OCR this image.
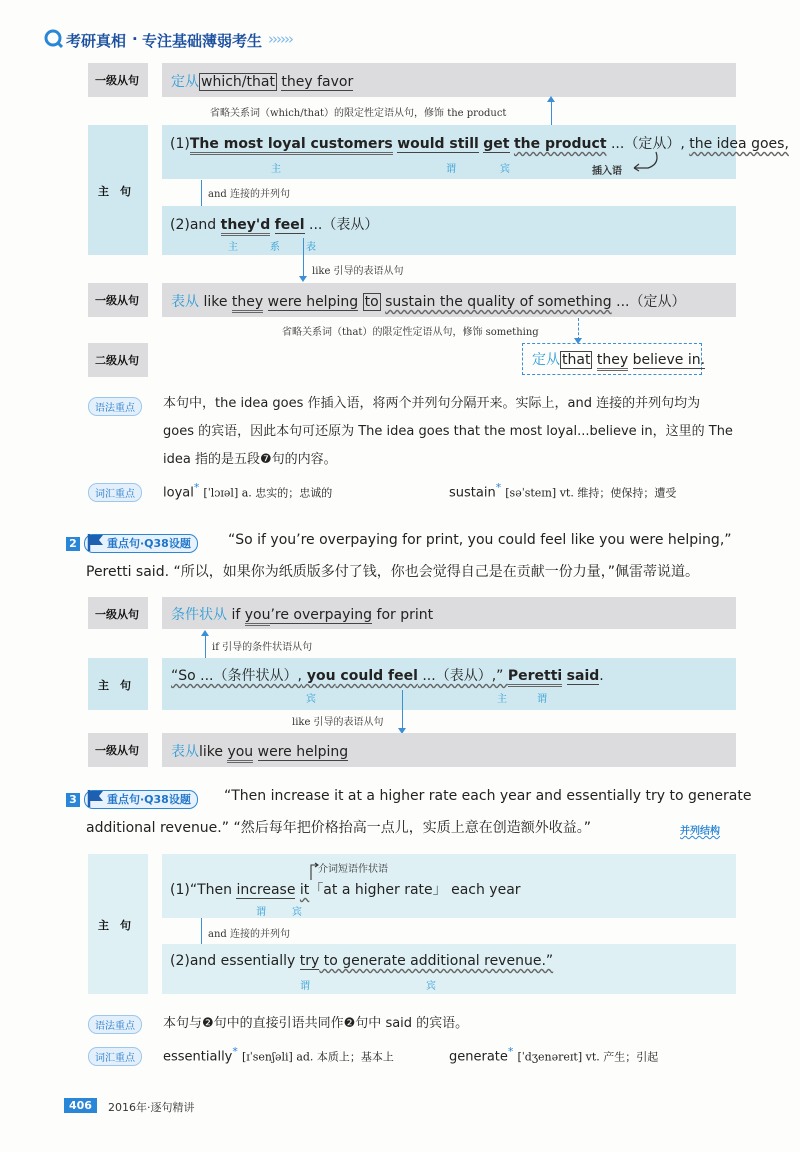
考研真相 · 专注基础薄弱考生 ››››››
一级从句 定从 which/that they favor
省略关系词（which/that）的限定性定语从句，修饰 the product
主　句
(1)The most loyal customers would still get the product ...（定从）, the idea goes,
主	谓	宾	插入语
and 连接的并列句
(2)and they'd feel ...（表从）
主	系	表
like 引导的表语从句
一级从句 表从 like they were helping to sustain the quality of something ...（定从）
省略关系词（that）的限定性定语从句，修饰 something
二级从句	定从 that they believe in.
语法重点	本句中，the idea goes 作插入语，将两个并列句分隔开来。实际上，and 连接的并列句均为
goes 的宾语，因此本句可还原为 The idea goes that the most loyal...believe in，这里的 The
idea 指的是五段❼句的内容。
词汇重点	loyal* [ˈlɔɪəl] a. 忠实的；忠诚的	sustain* [səˈsteɪn] vt. 维持；使保持；遭受
2	重点句·Q38设题	“So if you’re overpaying for print, you could feel like you were helping,”
Peretti said. “所以，如果你为纸质版多付了钱，你也会觉得自己是在贡献一份力量，”佩雷蒂说道。
一级从句 条件状从 if you’re overpaying for print
if 引导的条件状语从句
主　句
“So ...（条件状从）, you could feel ...（表从）,” Peretti said.
宾	主	谓
like 引导的表语从句
一级从句 表从like you were helping
3	重点句·Q38设题	“Then increase it at a higher rate each year and essentially try to generate
additional revenue.” “然后每年把价格抬高一点儿，实质上意在创造额外收益。”	并列结构
主　句
介词短语作状语
(1)“Then increase it「at a higher rate」 each year
谓	宾
and 连接的并列句
(2)and essentially try to generate additional revenue.”
谓	宾
语法重点	本句与❷句中的直接引语共同作❷句中 said 的宾语。
词汇重点	essentially* [ɪˈsenʃəli] ad. 本质上；基本上	generate* [ˈdʒenəreɪt] vt. 产生；引起
406	2016年·逐句精讲
